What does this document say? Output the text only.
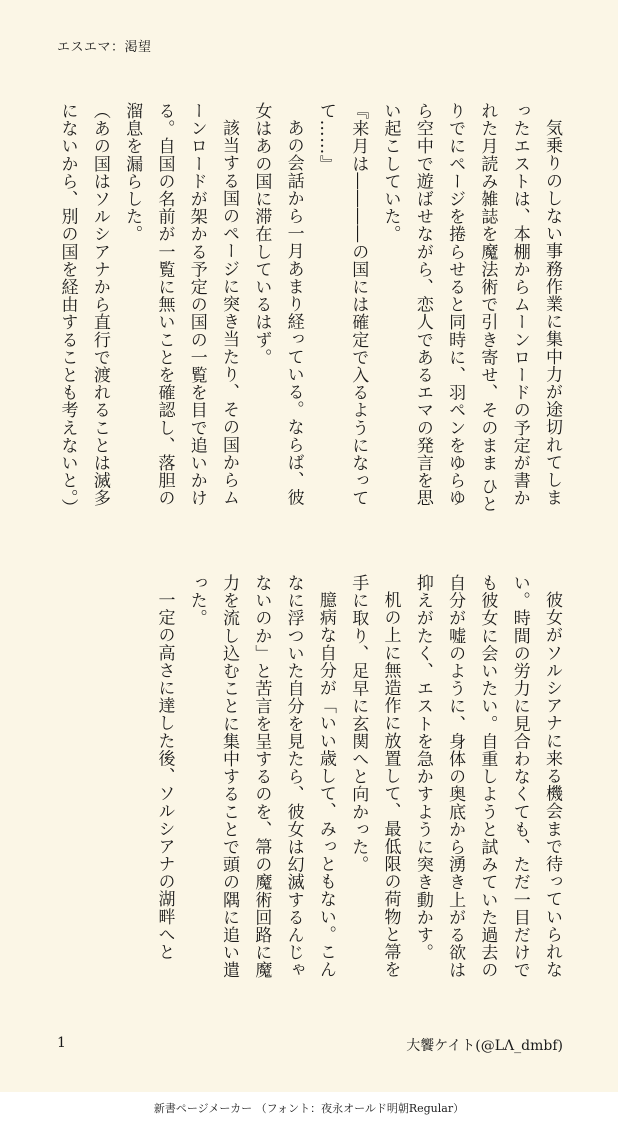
エスエマ：渇望

気乗りのしない事務作業に集中力が途切れてしまったエストは、本棚からムーンロードの予定が書かれた月読み雑誌を魔法術で引き寄せ、そのまま ひとりでにページを捲らせると同時に、羽ペンをゆらゆら空中で遊ばせながら、恋人であるエマの発言を思い起こしていた。

『来月は――――の国には確定で入るようになってて……』

あの会話から一月あまり経っている。ならば、彼女はあの国に滞在しているはず。

該当する国のページに突き当たり、その国からムーンロードが架かる予定の国の一覧を目で追いかける。自国の名前が一覧に無いことを確認し、落胆の溜息を漏らした。

（あの国はソルシアナから直行で渡れることは滅多にないから、別の国を経由することも考えないと。）

彼女がソルシアナに来る機会まで待っていられない。時間の労力に見合わなくても、ただ一目だけでも彼女に会いたい。自重しようと試みていた過去の自分が嘘のように、身体の奥底から湧き上がる欲は抑えがたく、エストを急かすように突き動かす。

机の上に無造作に放置して、最低限の荷物と箒を手に取り、足早に玄関へと向かった。

臆病な自分が「いい歳して、みっともない。こんなに浮ついた自分を見たら、彼女は幻滅するんじゃないのか」と苦言を呈するのを、箒の魔術回路に魔力を流し込むことに集中することで頭の隅に追い遣った。

一定の高さに達した後、ソルシアナの湖畔へと

1	大饗ケイト(@LΛ_dmbf)
新書ページメーカー （フォント：夜永オールド明朝Regular）
